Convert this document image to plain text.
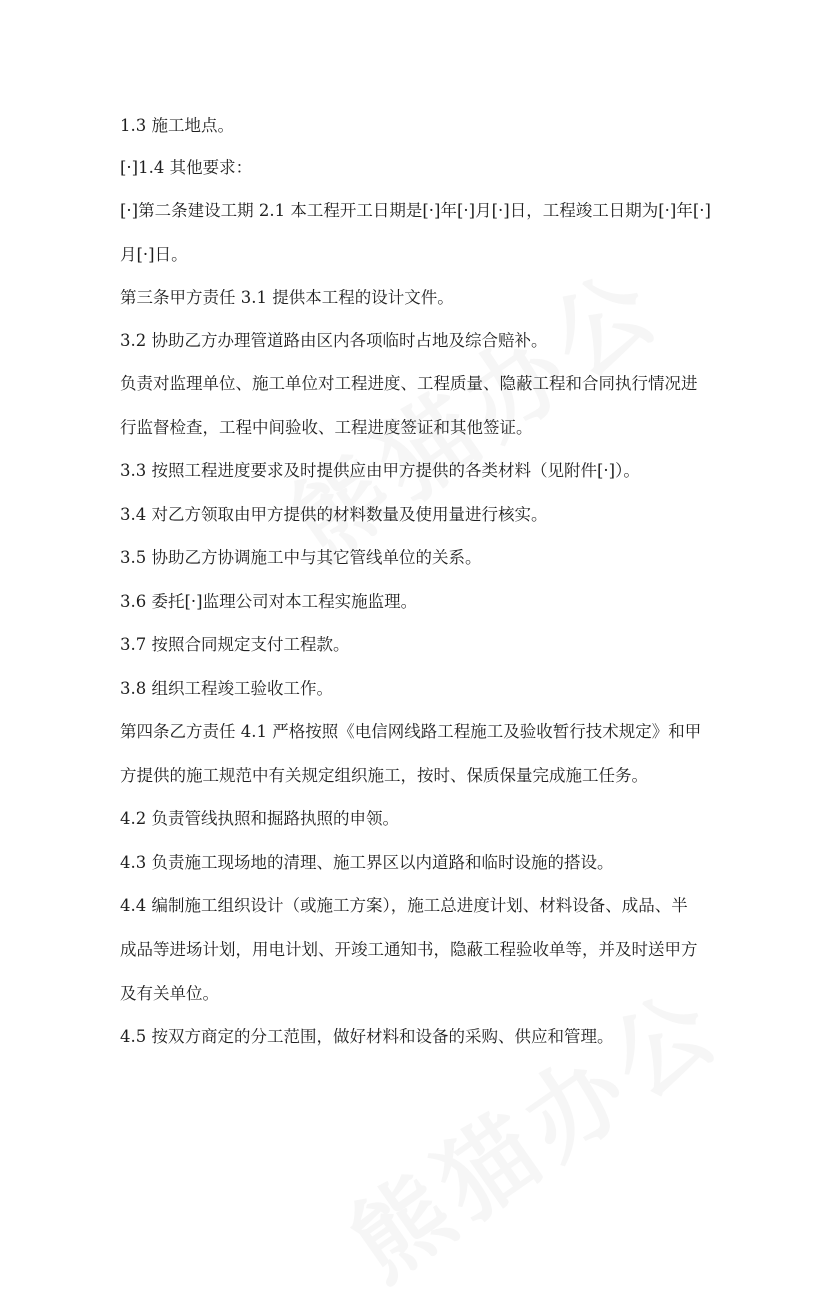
1.3 施工地点。
[·]1.4 其他要求：
[·]第二条建设工期 2.1 本工程开工日期是[·]年[·]月[·]日，工程竣工日期为[·]年[·]
月[·]日。
第三条甲方责任 3.1 提供本工程的设计文件。
3.2 协助乙方办理管道路由区内各项临时占地及综合赔补。
负责对监理单位、施工单位对工程进度、工程质量、隐蔽工程和合同执行情况进
行监督检查，工程中间验收、工程进度签证和其他签证。
3.3 按照工程进度要求及时提供应由甲方提供的各类材料（见附件[·]）。
3.4 对乙方领取由甲方提供的材料数量及使用量进行核实。
3.5 协助乙方协调施工中与其它管线单位的关系。
3.6 委托[·]监理公司对本工程实施监理。
3.7 按照合同规定支付工程款。
3.8 组织工程竣工验收工作。
第四条乙方责任 4.1 严格按照《电信网线路工程施工及验收暂行技术规定》和甲
方提供的施工规范中有关规定组织施工，按时、保质保量完成施工任务。
4.2 负责管线执照和掘路执照的申领。
4.3 负责施工现场地的清理、施工界区以内道路和临时设施的搭设。
4.4 编制施工组织设计（或施工方案），施工总进度计划、材料设备、成品、半
成品等进场计划，用电计划、开竣工通知书，隐蔽工程验收单等，并及时送甲方
及有关单位。
4.5 按双方商定的分工范围，做好材料和设备的采购、供应和管理。
